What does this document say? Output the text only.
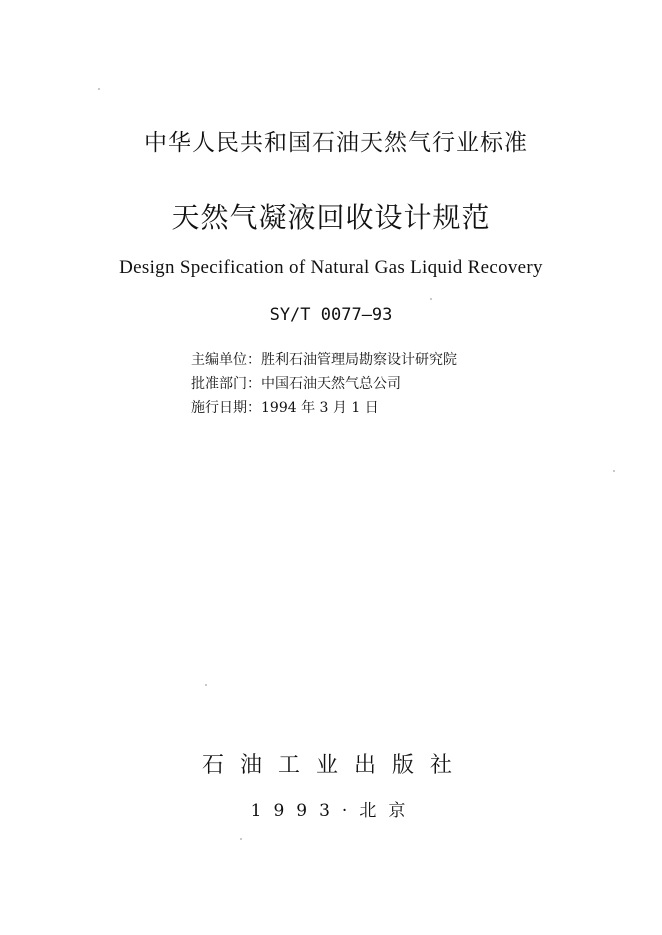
中华人民共和国石油天然气行业标准
天然气凝液回收设计规范
Design Specification of Natural Gas Liquid Recovery
SY/T 0077—93
主编单位：胜利石油管理局勘察设计研究院
批准部门：中国石油天然气总公司
施行日期：1994 年 3 月 1 日
石油工业出版社
1993·北京
